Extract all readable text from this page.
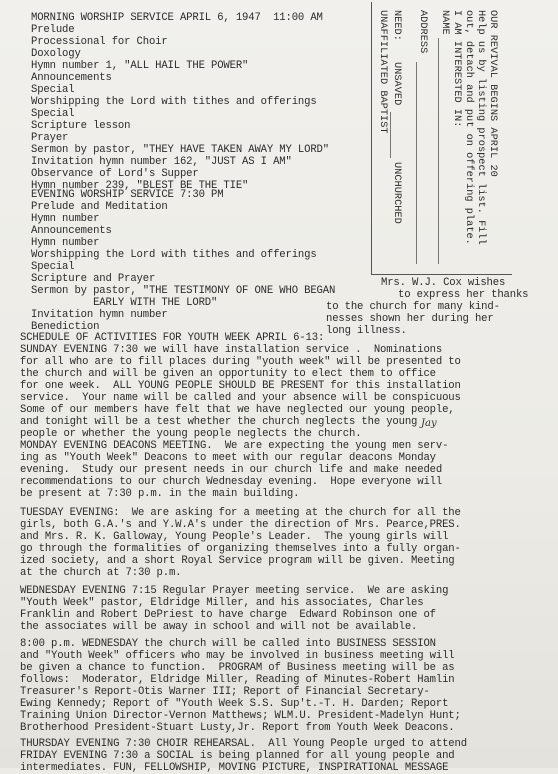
MORNING WORSHIP SERVICE APRIL 6, 1947  11:00 AM
Prelude
Processional for Choir
Doxology
Hymn number 1, "ALL HAIL THE POWER"
Announcements
Special
Worshipping the Lord with tithes and offerings
Special
Scripture lesson
Prayer
Sermon by pastor, "THEY HAVE TAKEN AWAY MY LORD"
Invitation hymn number 162, "JUST AS I AM"
Observance of Lord's Supper
Hymn number 239, "BLEST BE THE TIE"
EVENING WORSHIP SERVICE 7:30 PM
Prelude and Meditation
Hymn number
Announcements
Hymn number
Worshipping the Lord with tithes and offerings
Special
Scripture and Prayer
Sermon by pastor, "THE TESTIMONY OF ONE WHO BEGAN
EARLY WITH THE LORD"
Invitation hymn number
Benediction
OUR REVIVAL BEGINS APRIL 20
Help us by listing prospect list. Fill
out, detach and put on offering plate.
I AM INTERESTED IN:
NAME
ADDRESS
NEED:
UNSAVED
UNCHURCHED
UNAFFILIATED BAPTIST
Mrs. W.J. Cox wishes
to express her thanks
to the church for many kind-
nesses shown her during her
long illness.
SCHEDULE OF ACTIVITIES FOR YOUTH WEEK APRIL 6-13:
SUNDAY EVENING 7:30 we will have installation service .  Nominations
for all who are to fill places during "youth week" will be presented to
the church and will be given an opportunity to elect them to office
for one week.  ALL YOUNG PEOPLE SHOULD BE PRESENT for this installation
service.  Your name will be called and your absence will be conspicuous
Some of our members have felt that we have neglected our young people,
and tonight will be a test whether the church neglects the young
people or whether the young people neglects the church.
Jay
MONDAY EVENING DEACONS MEETING.  We are expecting the young men serv-
ing as "Youth Week" Deacons to meet with our regular deacons Monday
evening.  Study our present needs in our church life and make needed
recommendations to our church Wednesday evening.  Hope everyone will
be present at 7:30 p.m. in the main building.
TUESDAY EVENING:  We are asking for a meeting at the church for all the
girls, both G.A.'s and Y.W.A's under the direction of Mrs. Pearce,PRES.
and Mrs. R. K. Galloway, Young People's Leader.  The young girls will
go through the formalities of organizing themselves into a fully organ-
ized society, and a short Royal Service program will be given. Meeting
at the church at 7:30 p.m.
WEDNESDAY EVENING 7:15 Regular Prayer meeting service.  We are asking
"Youth Week" pastor, Eldridge Miller, and his associates, Charles
Franklin and Robert DePriest to have charge  Edward Robinson one of
the associates will be away in school and will not be available.
8:00 p.m. WEDNESDAY the church will be called into BUSINESS SESSION
and "Youth Week" officers who may be involved in business meeting will
be given a chance to function.  PROGRAM of Business meeting will be as
follows:  Moderator, Eldridge Miller, Reading of Minutes-Robert Hamlin
Treasurer's Report-Otis Warner III; Report of Financial Secretary-
Ewing Kennedy; Report of "Youth Week S.S. Sup't.-T. H. Darden; Report
Training Union Director-Vernon Matthews; WLM.U. President-Madelyn Hunt;
Brotherhood President-Stuart Lusty,Jr. Report from Youth Week Deacons.
THURSDAY EVENING 7:30 CHOIR REHEARSAL.  All Young People urged to attend
FRIDAY EVENING 7:30 a SOCIAL is being planned for all young people and
intermediates. FUN, FELLOWSHIP, MOVING PICTURE, INSPIRATIONAL MESSAGE
